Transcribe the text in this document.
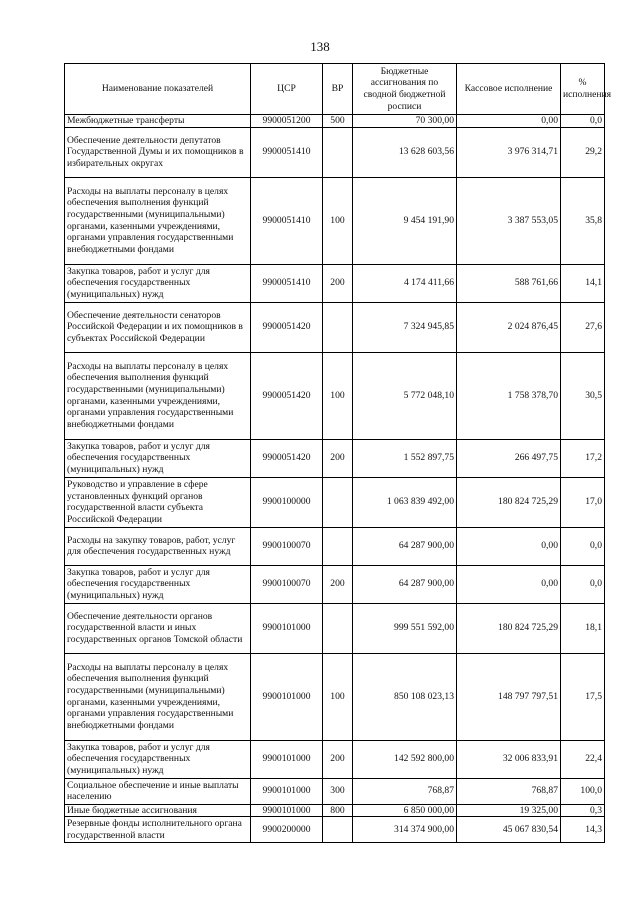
138
Наименование показателей	ЦСР	ВР	Бюджетные ассигнования по сводной бюджетной росписи	Кассовое исполнение	% исполнения
Межбюджетные трансферты	9900051200	500	70 300,00	0,00	0,0
Обеспечение деятельности депутатов Государственной Думы и их помощников в избирательных округах	9900051410		13 628 603,56	3 976 314,71	29,2
Расходы на выплаты персоналу в целях обеспечения выполнения функций государственными (муниципальными) органами, казенными учреждениями, органами управления государственными внебюджетными фондами	9900051410	100	9 454 191,90	3 387 553,05	35,8
Закупка товаров, работ и услуг для обеспечения государственных (муниципальных) нужд	9900051410	200	4 174 411,66	588 761,66	14,1
Обеспечение деятельности сенаторов Российской Федерации и их помощников в субъектах Российской Федерации	9900051420		7 324 945,85	2 024 876,45	27,6
Расходы на выплаты персоналу в целях обеспечения выполнения функций государственными (муниципальными) органами, казенными учреждениями, органами управления государственными внебюджетными фондами	9900051420	100	5 772 048,10	1 758 378,70	30,5
Закупка товаров, работ и услуг для обеспечения государственных (муниципальных) нужд	9900051420	200	1 552 897,75	266 497,75	17,2
Руководство и управление в сфере установленных функций органов государственной власти субъекта Российской Федерации	9900100000		1 063 839 492,00	180 824 725,29	17,0
Расходы на закупку товаров, работ, услуг для обеспечения государственных нужд	9900100070		64 287 900,00	0,00	0,0
Закупка товаров, работ и услуг для обеспечения государственных (муниципальных) нужд	9900100070	200	64 287 900,00	0,00	0,0
Обеспечение деятельности органов государственной власти и иных государственных органов Томской области	9900101000		999 551 592,00	180 824 725,29	18,1
Расходы на выплаты персоналу в целях обеспечения выполнения функций государственными (муниципальными) органами, казенными учреждениями, органами управления государственными внебюджетными фондами	9900101000	100	850 108 023,13	148 797 797,51	17,5
Закупка товаров, работ и услуг для обеспечения государственных (муниципальных) нужд	9900101000	200	142 592 800,00	32 006 833,91	22,4
Социальное обеспечение и иные выплаты населению	9900101000	300	768,87	768,87	100,0
Иные бюджетные ассигнования	9900101000	800	6 850 000,00	19 325,00	0,3
Резервные фонды исполнительного органа государственной власти	9900200000		314 374 900,00	45 067 830,54	14,3
